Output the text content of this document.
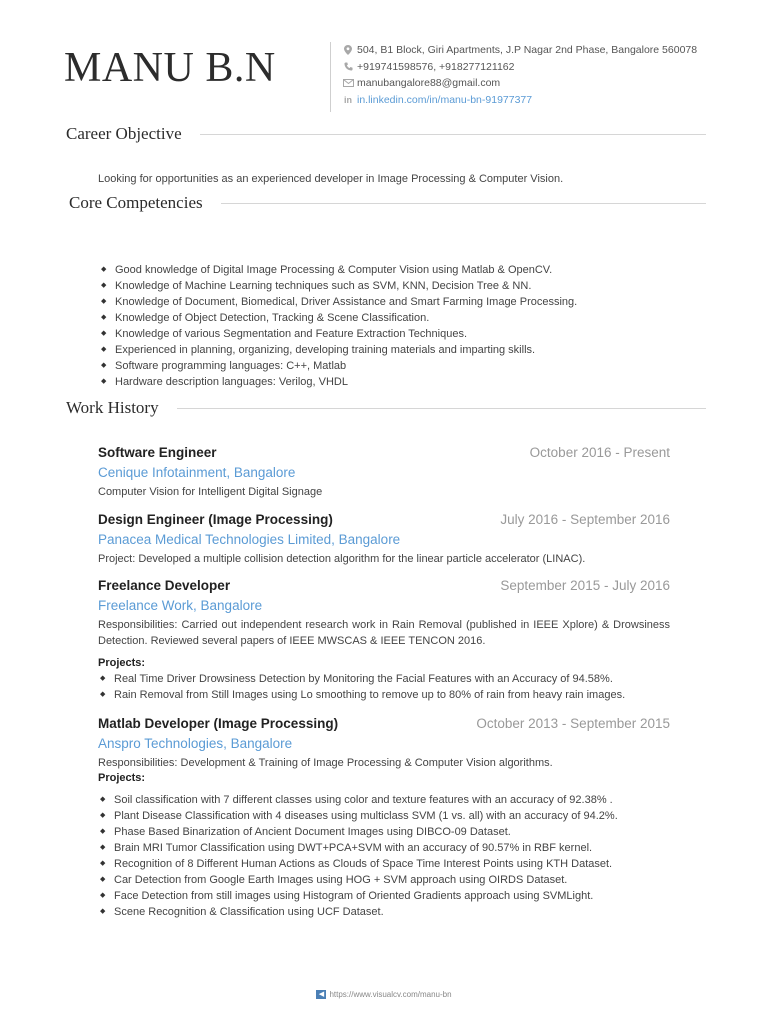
MANU B.N	504, B1 Block, Giri Apartments, J.P Nagar 2nd Phase, Bangalore 560078
+919741598576, +918277121162
manubangalore88@gmail.com
in in.linkedin.com/in/manu-bn-91977377
Career Objective
Looking for opportunities as an experienced developer in Image Processing & Computer Vision.
Core Competencies
◆ Good knowledge of Digital Image Processing & Computer Vision using Matlab & OpenCV.
◆ Knowledge of Machine Learning techniques such as SVM, KNN, Decision Tree & NN.
◆ Knowledge of Document, Biomedical, Driver Assistance and Smart Farming Image Processing.
◆ Knowledge of Object Detection, Tracking & Scene Classification.
◆ Knowledge of various Segmentation and Feature Extraction Techniques.
◆ Experienced in planning, organizing, developing training materials and imparting skills.
◆ Software programming languages: C++, Matlab
◆ Hardware description languages: Verilog, VHDL
Work History
Software Engineer	October 2016 - Present
Cenique Infotainment, Bangalore
Computer Vision for Intelligent Digital Signage
Design Engineer (Image Processing)	July 2016 - September 2016
Panacea Medical Technologies Limited, Bangalore
Project: Developed a multiple collision detection algorithm for the linear particle accelerator (LINAC).
Freelance Developer	September 2015 - July 2016
Freelance Work, Bangalore
Responsibilities: Carried out independent research work in Rain Removal (published in IEEE Xplore) & Drowsiness Detection. Reviewed several papers of IEEE MWSCAS & IEEE TENCON 2016.
Projects:
◆ Real Time Driver Drowsiness Detection by Monitoring the Facial Features with an Accuracy of 94.58%.
◆ Rain Removal from Still Images using Lo smoothing to remove up to 80% of rain from heavy rain images.
Matlab Developer (Image Processing)	October 2013 - September 2015
Anspro Technologies, Bangalore
Responsibilities: Development & Training of Image Processing & Computer Vision algorithms.
Projects:
◆ Soil classification with 7 different classes using color and texture features with an accuracy of 92.38% .
◆ Plant Disease Classification with 4 diseases using multiclass SVM (1 vs. all) with an accuracy of 94.2%.
◆ Phase Based Binarization of Ancient Document Images using DIBCO-09 Dataset.
◆ Brain MRI Tumor Classification using DWT+PCA+SVM with an accuracy of 90.57% in RBF kernel.
◆ Recognition of 8 Different Human Actions as Clouds of Space Time Interest Points using KTH Dataset.
◆ Car Detection from Google Earth Images using HOG + SVM approach using OIRDS Dataset.
◆ Face Detection from still images using Histogram of Oriented Gradients approach using SVMLight.
◆ Scene Recognition & Classification using UCF Dataset.
◀ https://www.visualcv.com/manu-bn
